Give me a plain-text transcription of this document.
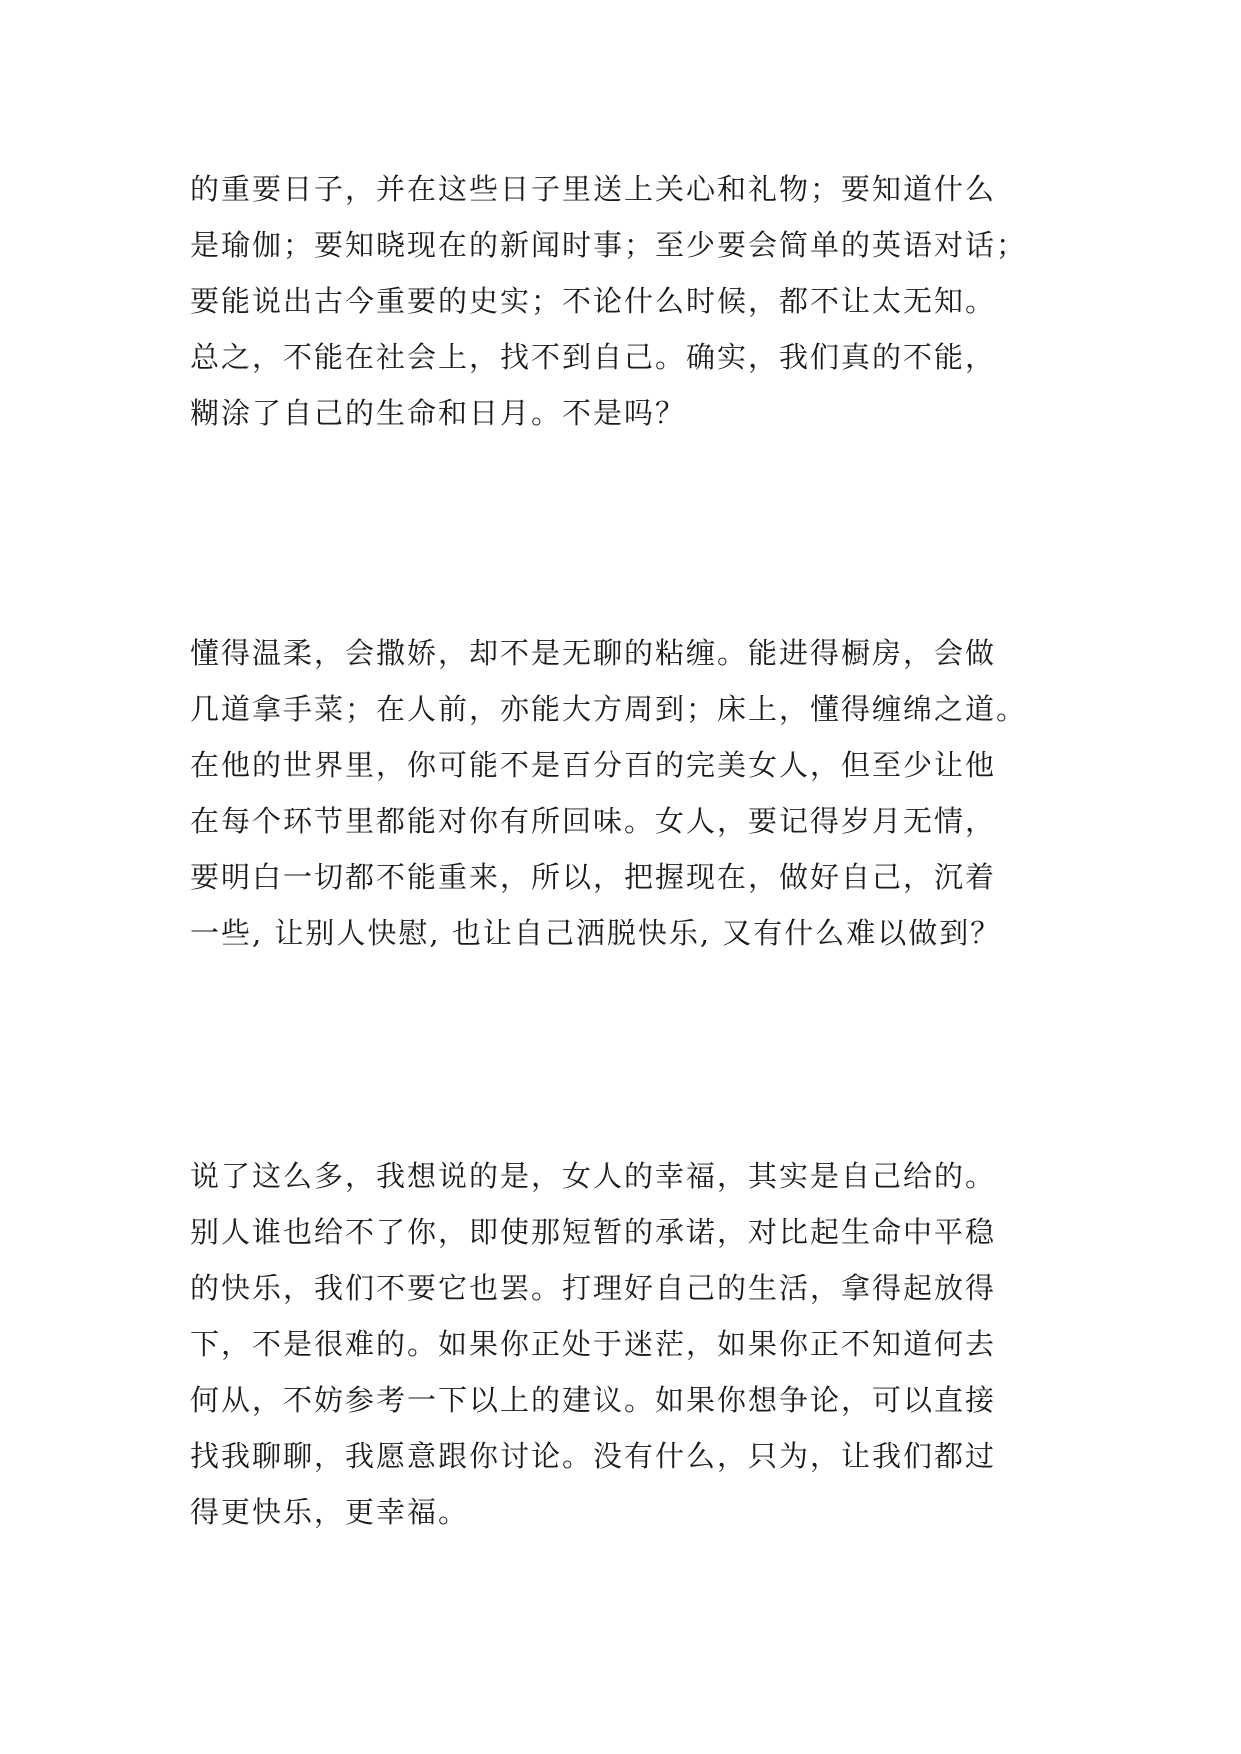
的重要日子，并在这些日子里送上关心和礼物；要知道什么
是瑜伽；要知晓现在的新闻时事；至少要会简单的英语对话；
要能说出古今重要的史实；不论什么时候，都不让太无知。
总之，不能在社会上，找不到自己。确实，我们真的不能，
糊涂了自己的生命和日月。不是吗？
懂得温柔，会撒娇，却不是无聊的粘缠。能进得橱房，会做
几道拿手菜；在人前，亦能大方周到；床上，懂得缠绵之道。
在他的世界里，你可能不是百分百的完美女人，但至少让他
在每个环节里都能对你有所回味。女人，要记得岁月无情，
要明白一切都不能重来，所以，把握现在，做好自己，沉着
一些, 让别人快慰, 也让自己洒脱快乐, 又有什么难以做到？
说了这么多，我想说的是，女人的幸福，其实是自己给的。
别人谁也给不了你，即使那短暂的承诺，对比起生命中平稳
的快乐，我们不要它也罢。打理好自己的生活，拿得起放得
下，不是很难的。如果你正处于迷茫，如果你正不知道何去
何从，不妨参考一下以上的建议。如果你想争论，可以直接
找我聊聊，我愿意跟你讨论。没有什么，只为，让我们都过
得更快乐，更幸福。
